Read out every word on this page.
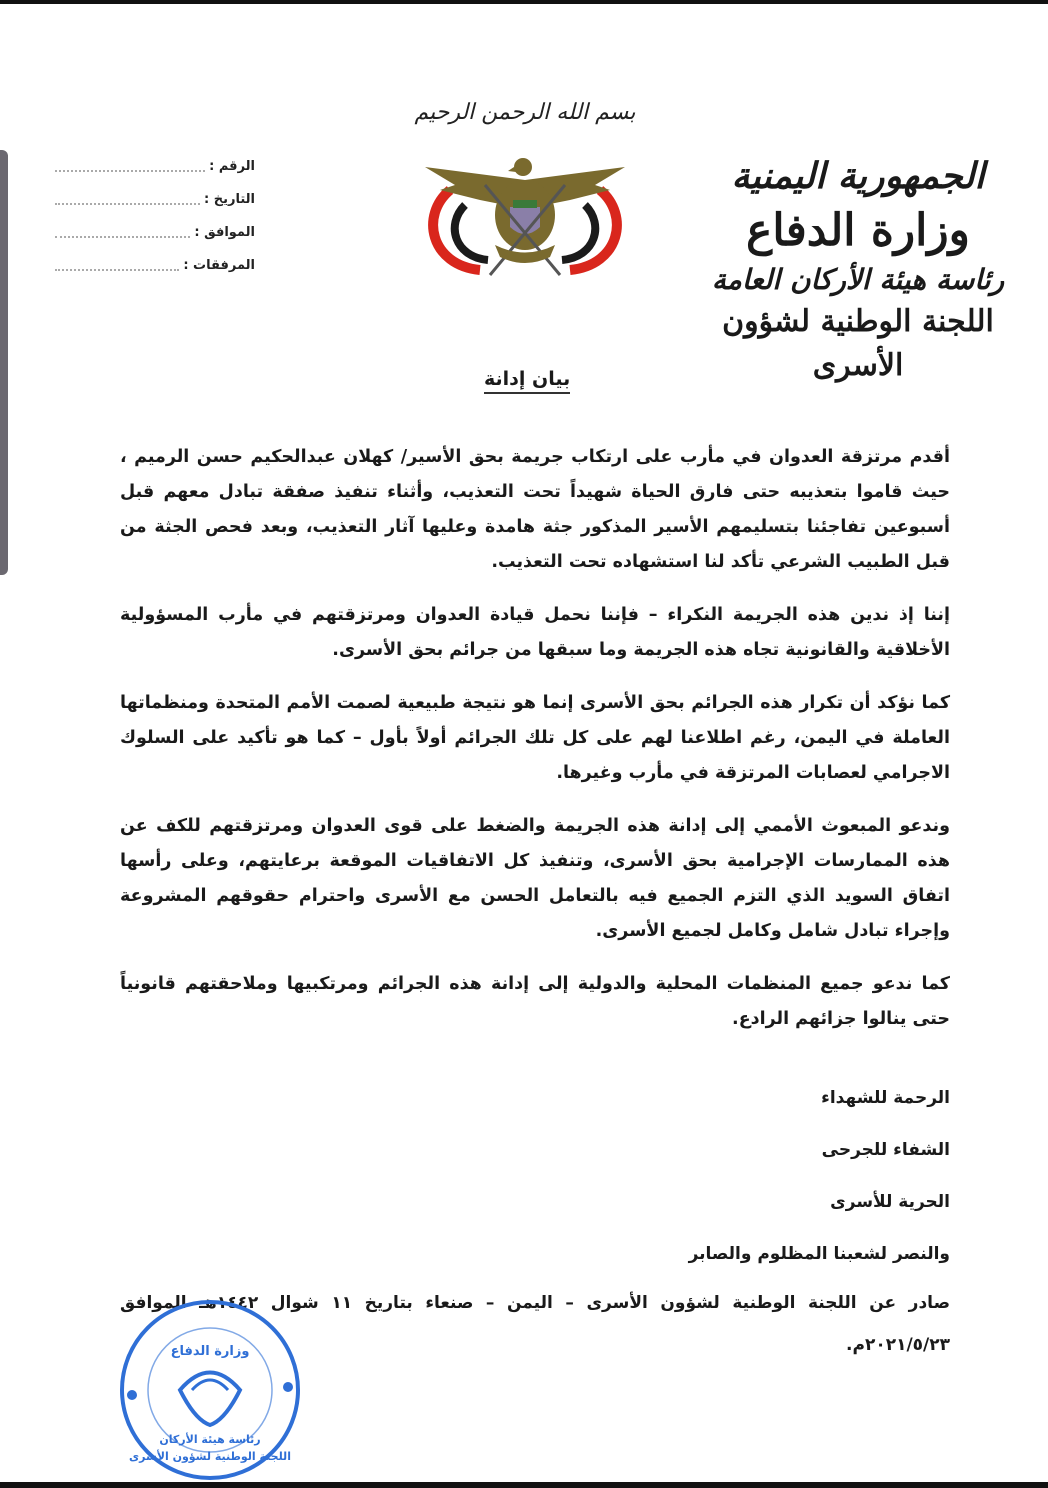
بسم الله الرحمن الرحيم
الجمهورية اليمنية
وزارة الدفاع
رئاسة هيئة الأركان العامة
اللجنة الوطنية لشؤون الأسرى
الرقم :
التاريخ :
الموافق :
المرفقات :
بيان إدانة

أقدم مرتزقة العدوان في مأرب على ارتكاب جريمة بحق الأسير/ كهلان عبدالحكيم حسن الرميم ، حيث قاموا بتعذيبه حتى فارق الحياة شهيداً تحت التعذيب، وأثناء تنفيذ صفقة تبادل معهم قبل أسبوعين تفاجئنا بتسليمهم الأسير المذكور جثة هامدة وعليها آثار التعذيب، وبعد فحص الجثة من قبل الطبيب الشرعي تأكد لنا استشهاده تحت التعذيب.

إننا إذ ندين هذه الجريمة النكراء – فإننا نحمل قيادة العدوان ومرتزقتهم في مأرب المسؤولية الأخلاقية والقانونية تجاه هذه الجريمة وما سبقها من جرائم بحق الأسرى.

كما نؤكد أن تكرار هذه الجرائم بحق الأسرى إنما هو نتيجة طبيعية لصمت الأمم المتحدة ومنظماتها العاملة في اليمن، رغم اطلاعنا لهم على كل تلك الجرائم أولاً بأول – كما هو تأكيد على السلوك الاجرامي لعصابات المرتزقة في مأرب وغيرها.

وندعو المبعوث الأممي إلى إدانة هذه الجريمة والضغط على قوى العدوان ومرتزقتهم للكف عن هذه الممارسات الإجرامية بحق الأسرى، وتنفيذ كل الاتفاقيات الموقعة برعايتهم، وعلى رأسها اتفاق السويد الذي التزم الجميع فيه بالتعامل الحسن مع الأسرى واحترام حقوقهم المشروعة وإجراء تبادل شامل وكامل لجميع الأسرى.

كما ندعو جميع المنظمات المحلية والدولية إلى إدانة هذه الجرائم ومرتكبيها وملاحقتهم قانونياً حتى ينالوا جزائهم الرادع.

الرحمة للشهداء
الشفاء للجرحى
الحرية للأسرى
والنصر لشعبنا المظلوم والصابر
صادر عن اللجنة الوطنية لشؤون الأسرى – اليمن – صنعاء بتاريخ ١١ شوال ١٤٤٢هـ الموافق ٢٠٢١/٥/٢٣م.
وزارة الدفاع
اللجنة الوطنية لشؤون الأسرى
رئاسة هيئة الأركان
